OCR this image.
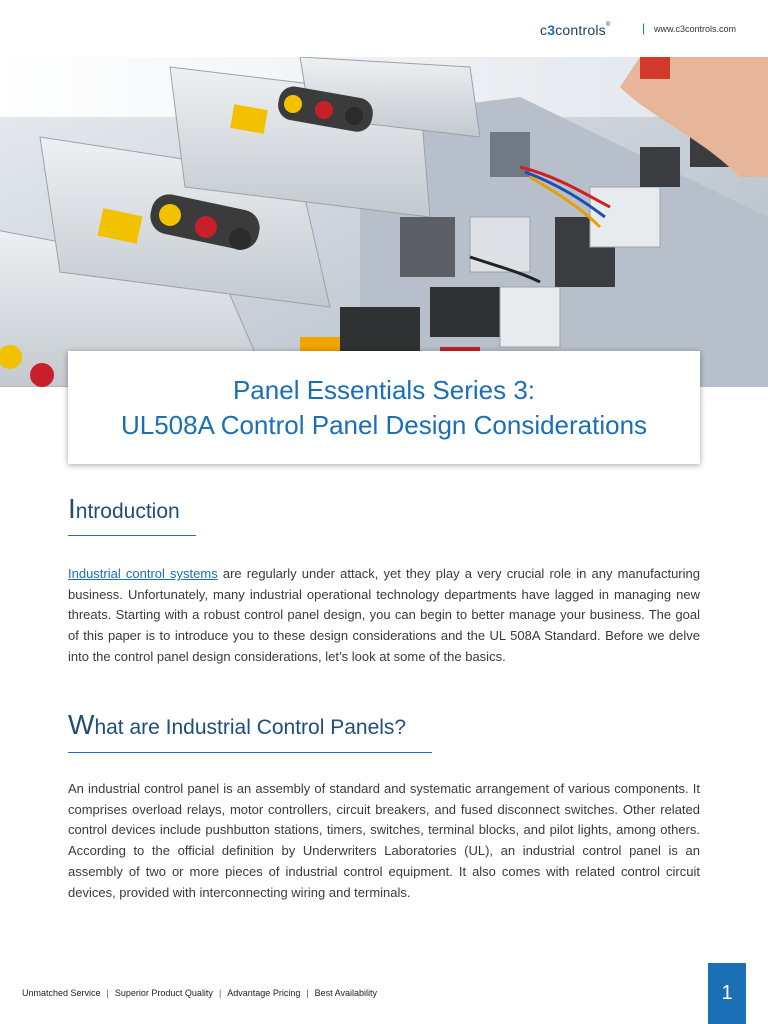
c3controls®	| www.c3controls.com
Panel Essentials Series 3:
UL508A Control Panel Design Considerations
Introduction

Industrial control systems are regularly under attack, yet they play a very crucial role in any manufacturing business. Unfortunately, many industrial operational technology departments have lagged in managing new threats. Starting with a robust control panel design, you can begin to better manage your business. The goal of this paper is to introduce you to these design considerations and the UL 508A Standard. Before we delve into the control panel design considerations, let’s look at some of the basics.

What are Industrial Control Panels?

An industrial control panel is an assembly of standard and systematic arrangement of various components. It comprises overload relays, motor controllers, circuit breakers, and fused disconnect switches. Other related control devices include pushbutton stations, timers, switches, terminal blocks, and pilot lights, among others. According to the official definition by Underwriters Laboratories (UL), an industrial control panel is an assembly of two or more pieces of industrial control equipment. It also comes with related control circuit devices, provided with interconnecting wiring and terminals.

Unmatched Service | Superior Product Quality | Advantage Pricing | Best Availability	1
